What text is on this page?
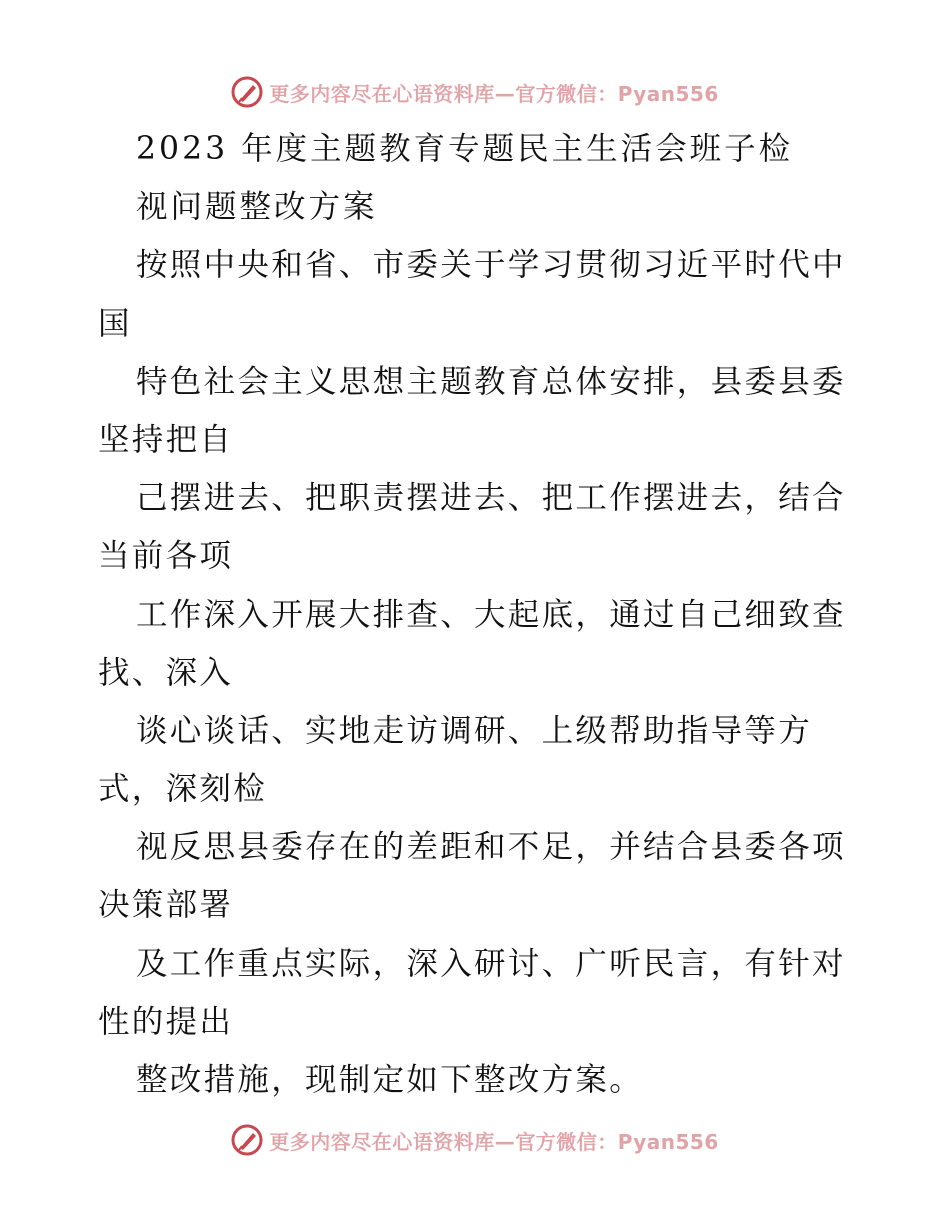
更多内容尽在心语资料库—官方微信：Pyan556
2023 年度主题教育专题民主生活会班子检
视问题整改方案
按照中央和省、市委关于学习贯彻习近平时代中
国
特色社会主义思想主题教育总体安排，县委县委
坚持把自
己摆进去、把职责摆进去、把工作摆进去，结合
当前各项
工作深入开展大排查、大起底，通过自己细致查
找、深入
谈心谈话、实地走访调研、上级帮助指导等方
式，深刻检
视反思县委存在的差距和不足，并结合县委各项
决策部署
及工作重点实际，深入研讨、广听民言，有针对
性的提出
整改措施，现制定如下整改方案。
更多内容尽在心语资料库—官方微信：Pyan556
